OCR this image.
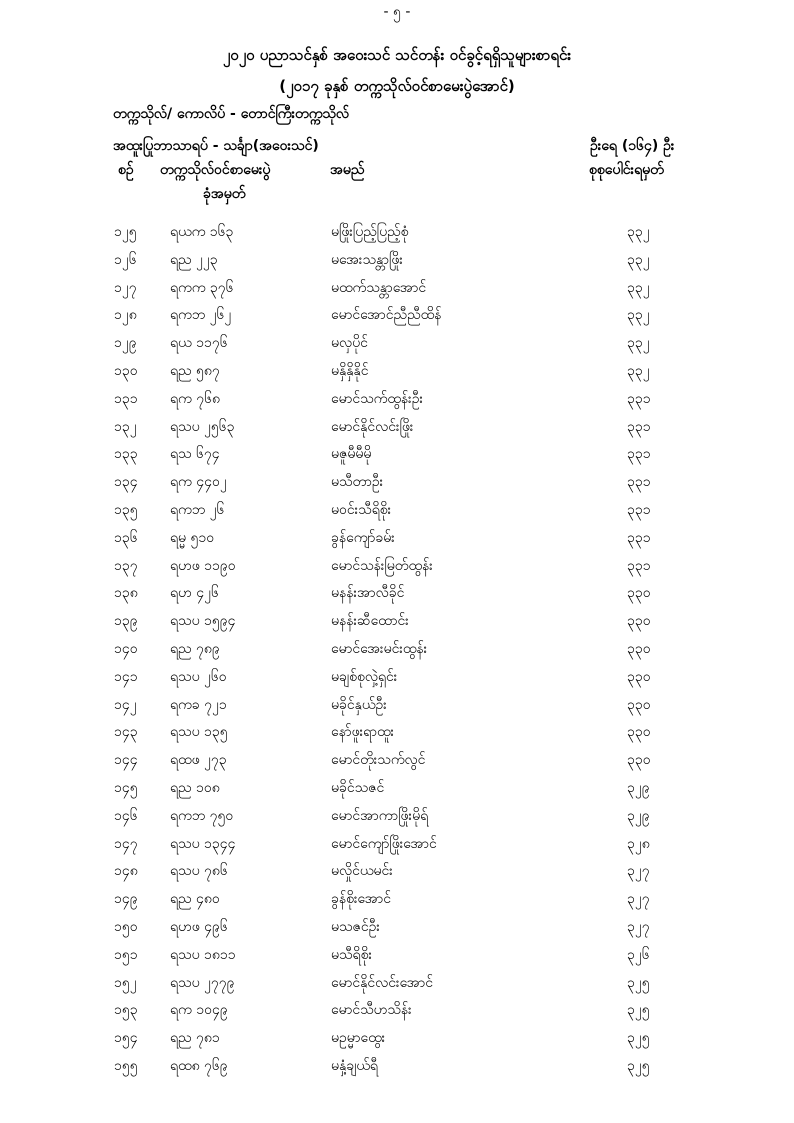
- ၅ -
၂၀၂၀ ပညာသင်နှစ် အဝေးသင် သင်တန်း ဝင်ခွင့်ရရှိသူများစာရင်း
(၂၀၁၇ ခုနှစ် တက္ကသိုလ်ဝင်စာမေးပွဲအောင်)
တက္ကသိုလ်/ ကောလိပ် - တောင်ကြီးတက္ကသိုလ်
အထူးပြုဘာသာရပ် - သင်္ချာ(အဝေးသင်)	ဦးရေ (၁၆၄) ဦး
စဉ် တက္ကသိုလ်ဝင်စာမေးပွဲ
ခုံအမှတ်
အမည်	စုစုပေါင်းရမှတ်
၁၂၅ ရယက ၁၆၃	မဖြိုးပြည့်ပြည့်စုံ	၃၃၂
၁၂၆ ရည ၂၂၃	မအေးသန္တာဖြိုး	၃၃၂
၁၂၇ ရကက ၃၇၆	မထက်သန္တာအောင်	၃၃၂
၁၂၈ ရကဘ ၂၆၂	မောင်အောင်ညီညီထိန်	၃၃၂
၁၂၉ ရယ ၁၁၇၆	မလှပိုင်	၃၃၂
၁၃၀ ရည ၅၈၇	မနှိနှိနိုင်	၃၃၂
၁၃၁ ရက ၇၆၈	မောင်သက်ထွန်းဦး	၃၃၁
၁၃၂ ရသပ ၂၅၆၃	မောင်နိုင်လင်းဖြိုး	၃၃၁
၁၃၃ ရသ ၆၇၄	မဇူမီမီမို	၃၃၁
၁၃၄ ရက ၄၄၀၂	မသီတာဦး	၃၃၁
၁၃၅ ရကဘ ၂၆	မဝင်းသီရိစိုး	၃၃၁
၁၃၆ ရမ္မ ၅၁၀	ခွန်ကျော်ခမ်း	၃၃၁
၁၃၇ ရဟဖ ၁၁၉၀	မောင်သန်းမြတ်ထွန်း	၃၃၁
၁၃၈ ရဟ ၄၂၆	မနန်းအာလီခိုင်	၃၃၀
၁၃၉ ရသပ ၁၅၉၄	မနန်းဆီထောင်း	၃၃၀
၁၄၀ ရည ၇၈၉	မောင်အေးမင်းထွန်း	၃၃၀
၁၄၁ ရသပ ၂၆၀	မချစ်စုလှဲ့ရှင်း	၃၃၀
၁၄၂ ရကခ ၇၂၁	မခိုင်နှယ်ဦး	၃၃၀
၁၄၃ ရသပ ၁၃၅	နော်ဖူးရာထူး	၃၃၀
၁၄၄ ရထဖ ၂၇၃	မောင်တိုးသက်လွင်	၃၃၀
၁၄၅ ရည ၁၀၈	မခိုင်သဇင်	၃၂၉
၁၄၆ ရကဘ ၇၅၀	မောင်အာကာဖြိုးမိုရ်	၃၂၉
၁၄၇ ရသပ ၁၃၄၄	မောင်ကျော်ဖြိုးအောင်	၃၂၈
၁၄၈ ရသပ ၇၈၆	မလှိုင်ယမင်း	၃၂၇
၁၄၉ ရည ၄၈၀	ခွန်စိုးအောင်	၃၂၇
၁၅၀ ရဟဖ ၄၉၆	မသဇင်ဦး	၃၂၇
၁၅၁ ရသပ ၁၈၁၁	မသီရိစိုး	၃၂၆
၁၅၂ ရသပ ၂၇၇၉	မောင်နိုင်လင်းအောင်	၃၂၅
၁၅၃ ရက ၁၀၄၉	မောင်သီဟသိန်း	၃၂၅
၁၅၄ ရည ၇၈၁	မဥမ္မာထွေး	၃၂၅
၁၅၅ ရထ၈ ၇၆၉	မနှံ့ချယ်ရီ	၃၂၅
